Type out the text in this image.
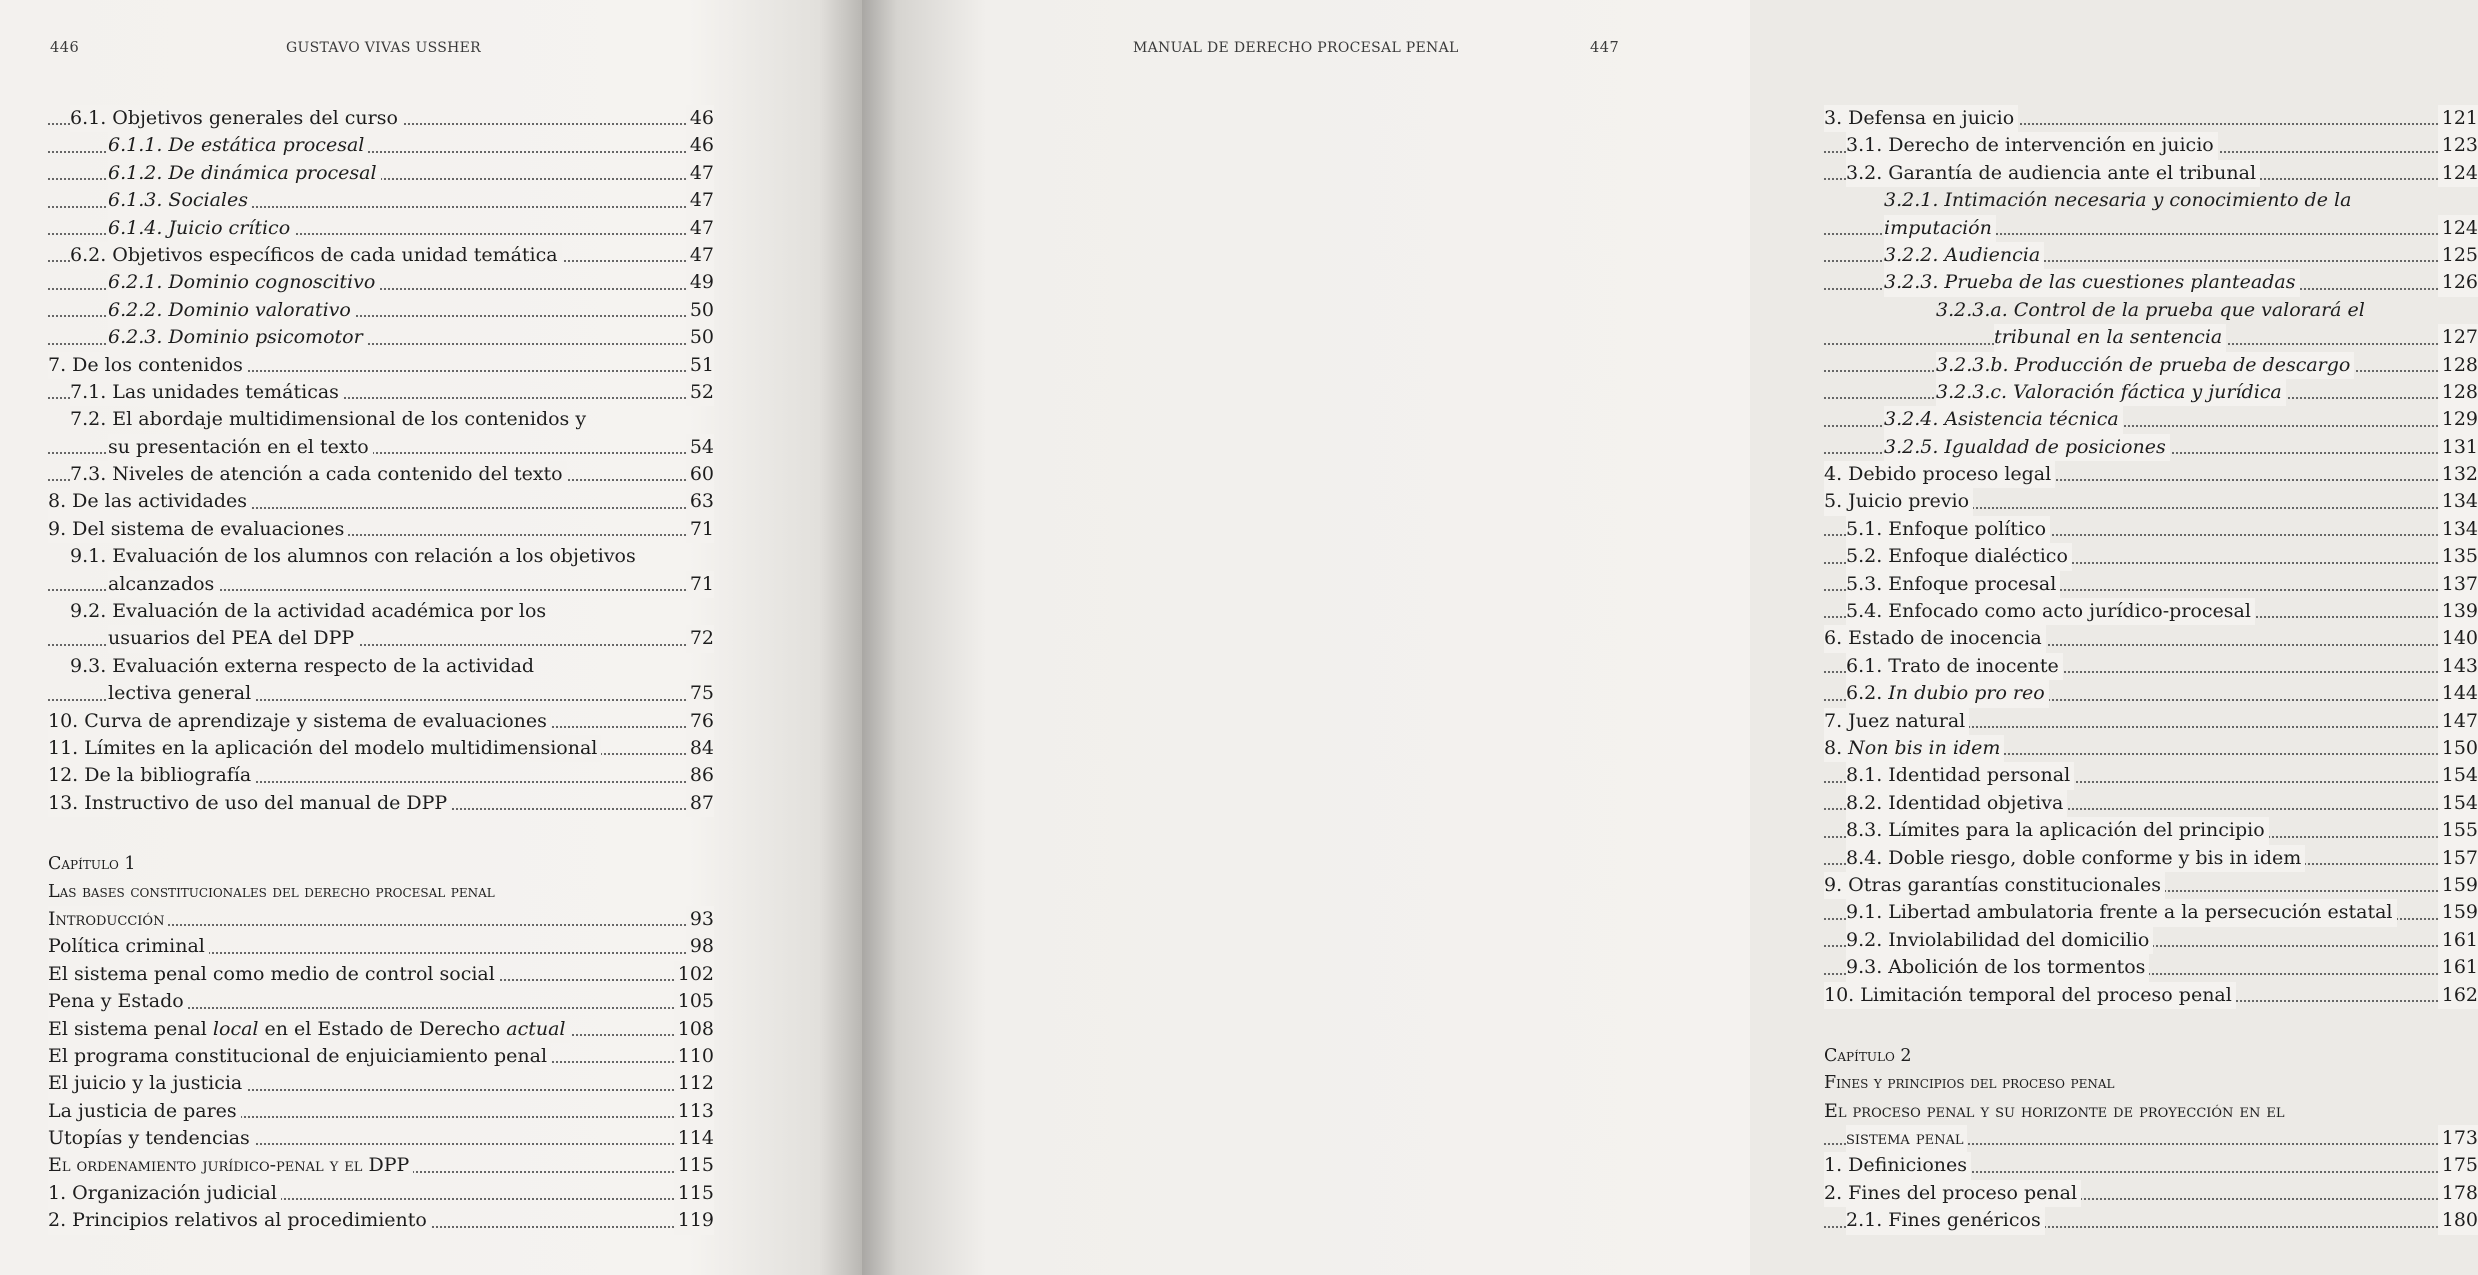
446	GUSTAVO VIVAS USSHER
6.1. Objetivos generales del curso	46
6.1.1. De estática procesal	46
6.1.2. De dinámica procesal	47
6.1.3. Sociales	47
6.1.4. Juicio crítico	47
6.2. Objetivos específicos de cada unidad temática	47
6.2.1. Dominio cognoscitivo	49
6.2.2. Dominio valorativo	50
6.2.3. Dominio psicomotor	50
7. De los contenidos	51
7.1. Las unidades temáticas	52
7.2. El abordaje multidimensional de los contenidos y
su presentación en el texto	54
7.3. Niveles de atención a cada contenido del texto	60
8. De las actividades	63
9. Del sistema de evaluaciones	71
9.1. Evaluación de los alumnos con relación a los objetivos
alcanzados	71
9.2. Evaluación de la actividad académica por los
usuarios del PEA del DPP	72
9.3. Evaluación externa respecto de la actividad
lectiva general	75
10. Curva de aprendizaje y sistema de evaluaciones	76
11. Límites en la aplicación del modelo multidimensional	84
12. De la bibliografía	86
13. Instructivo de uso del manual de DPP	87
Capítulo 1
Las bases constitucionales del derecho procesal penal
Introducción	93
Política criminal	98
El sistema penal como medio de control social	102
Pena y Estado	105
El sistema penal local en el Estado de Derecho actual	108
El programa constitucional de enjuiciamiento penal	110
El juicio y la justicia	112
La justicia de pares	113
Utopías y tendencias	114
El ordenamiento jurídico-penal y el DPP	115
1. Organización judicial	115
2. Principios relativos al procedimiento	119
MANUAL DE DERECHO PROCESAL PENAL	447
3. Defensa en juicio	121
3.1. Derecho de intervención en juicio	123
3.2. Garantía de audiencia ante el tribunal	124
3.2.1. Intimación necesaria y conocimiento de la
imputación	124
3.2.2. Audiencia	125
3.2.3. Prueba de las cuestiones planteadas	126
3.2.3.a. Control de la prueba que valorará el
tribunal en la sentencia	127
3.2.3.b. Producción de prueba de descargo	128
3.2.3.c. Valoración fáctica y jurídica	128
3.2.4. Asistencia técnica	129
3.2.5. Igualdad de posiciones	131
4. Debido proceso legal	132
5. Juicio previo	134
5.1. Enfoque político	134
5.2. Enfoque dialéctico	135
5.3. Enfoque procesal	137
5.4. Enfocado como acto jurídico-procesal	139
6. Estado de inocencia	140
6.1. Trato de inocente	143
6.2. In dubio pro reo	144
7. Juez natural	147
8. Non bis in idem	150
8.1. Identidad personal	154
8.2. Identidad objetiva	154
8.3. Límites para la aplicación del principio	155
8.4. Doble riesgo, doble conforme y bis in idem	157
9. Otras garantías constitucionales	159
9.1. Libertad ambulatoria frente a la persecución estatal	159
9.2. Inviolabilidad del domicilio	161
9.3. Abolición de los tormentos	161
10. Limitación temporal del proceso penal	162
Capítulo 2
Fines y principios del proceso penal
El proceso penal y su horizonte de proyección en el
sistema penal	173
1. Definiciones	175
2. Fines del proceso penal	178
2.1. Fines genéricos	180
